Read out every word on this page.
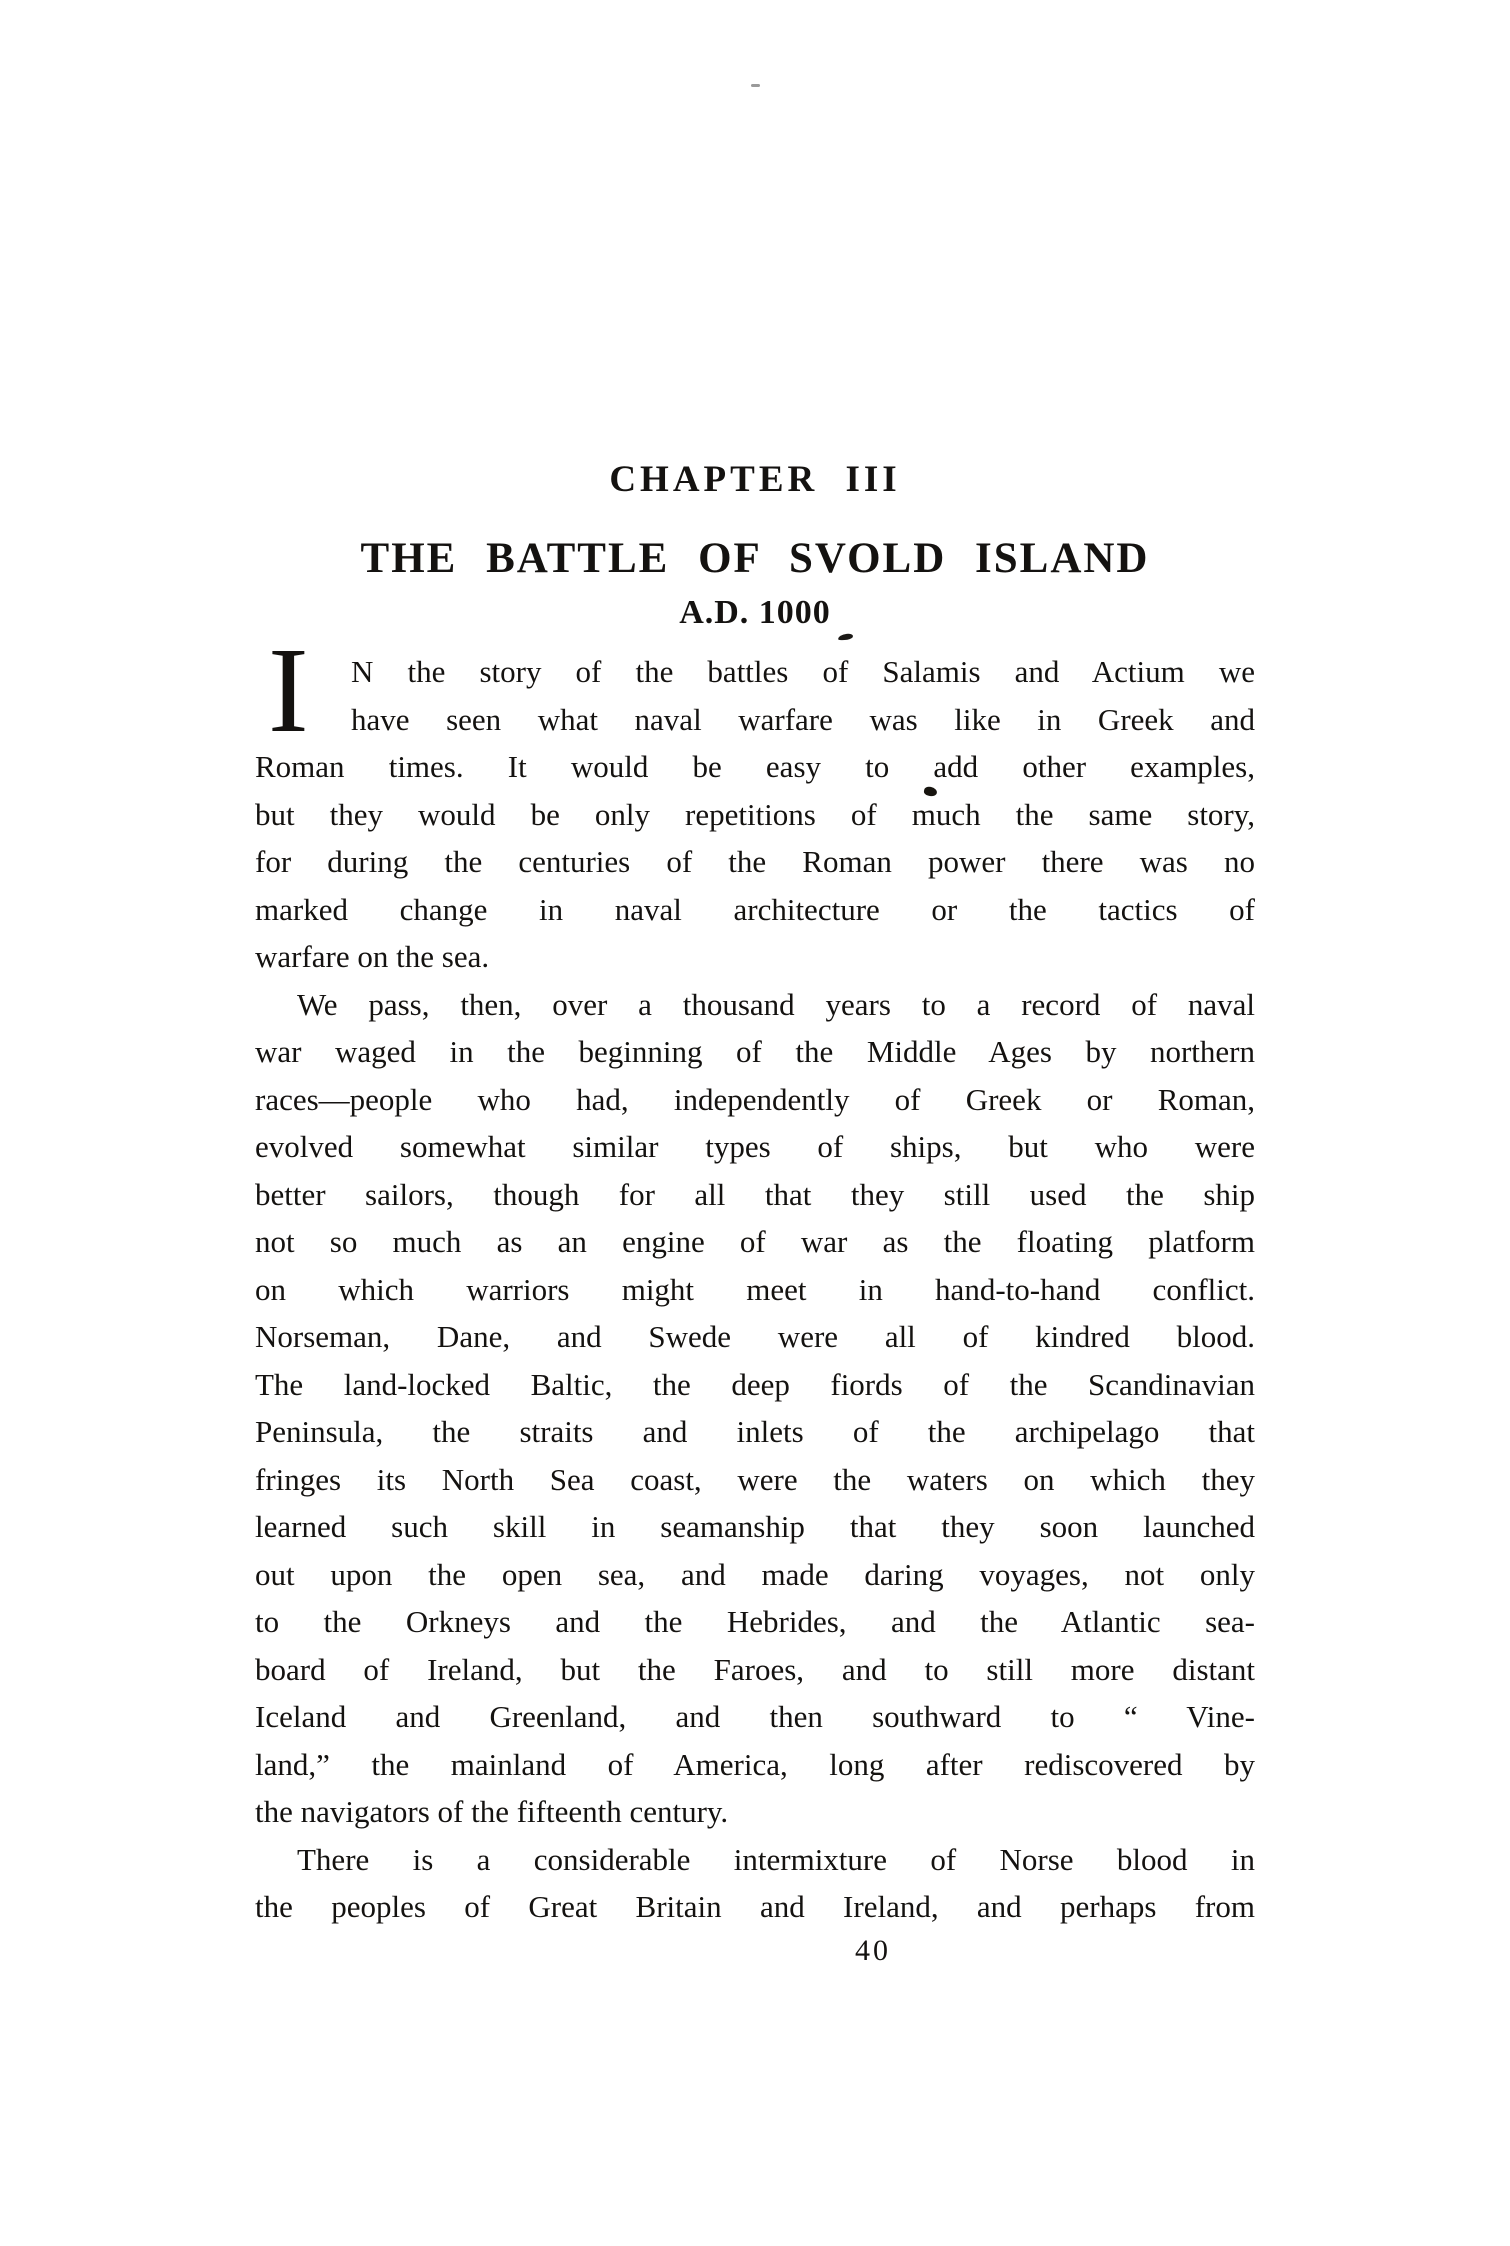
CHAPTER III
THE BATTLE OF SVOLD ISLAND
A.D. 1000
I	N the story of the battles of Salamis and Actium we
have seen what naval warfare was like in Greek and
Roman times. It would be easy to add other examples,
but they would be only repetitions of much the same story,
for during the centuries of the Roman power there was no
marked change in naval architecture or the tactics of
warfare on the sea.
We pass, then, over a thousand years to a record of naval
war waged in the beginning of the Middle Ages by northern
races—people who had, independently of Greek or Roman,
evolved somewhat similar types of ships, but who were
better sailors, though for all that they still used the ship
not so much as an engine of war as the floating platform
on which warriors might meet in hand-to-hand conflict.
Norseman, Dane, and Swede were all of kindred blood.
The land-locked Baltic, the deep fiords of the Scandinavian
Peninsula, the straits and inlets of the archipelago that
fringes its North Sea coast, were the waters on which they
learned such skill in seamanship that they soon launched
out upon the open sea, and made daring voyages, not only
to the Orkneys and the Hebrides, and the Atlantic sea-
board of Ireland, but the Faroes, and to still more distant
Iceland and Greenland, and then southward to “ Vine-
land,” the mainland of America, long after rediscovered by
the navigators of the fifteenth century.
There is a considerable intermixture of Norse blood in
the peoples of Great Britain and Ireland, and perhaps from
40
